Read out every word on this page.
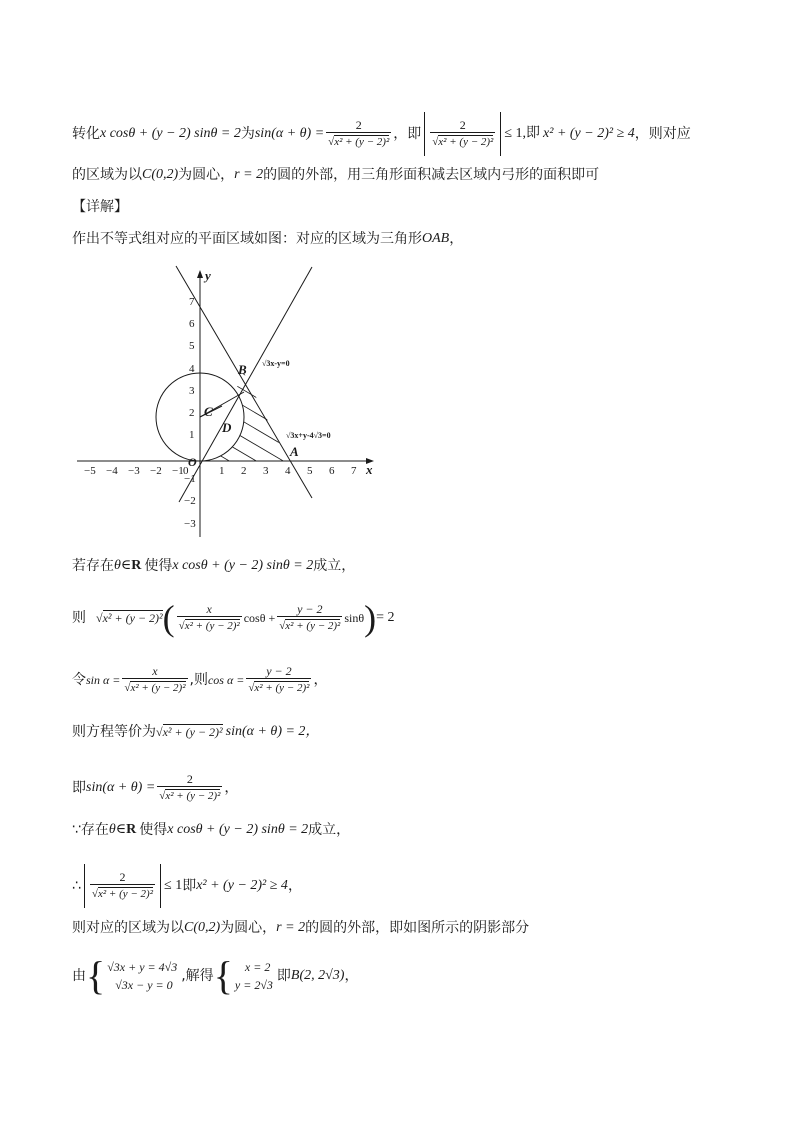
转化 x cosθ + (y − 2) sinθ = 2 为 $\sin(\alpha + \theta) = \frac{2}{\text{√x² + (y − 2)²}}$ ，即 $\frac{2}{\text{√x² + (y − 2)²}} \le 1$,即 x² + (y − 2)² ≥ 4 ，则对应
的区域为以 C(0,2) 为圆心， r = 2 的圆的外部，用三角形面积减去区域内弓形的面积即可
【详解】
作出不等式组对应的平面区域如图：对应的区域为三角形 OAB ，
−5 −4 −3 −2 −1 0	1 2 3 4 5 6 7
7
6
5
4
3
2
1
−1
−2
−3
x
y
O
A
B
C
D
√3x-y=0
√3x+y-4√3=0
若存在 θ∈ R 使得 x cosθ + (y − 2) sinθ = 2 成立，
则 √x² + (y − 2)² ( $\frac{x}{\text{√x² + (y − 2)²}}$ $\cos\theta + \frac{y - 2}{\text{√x² + (y − 2)²}}$ sinθ ) = 2
令 $\sin \alpha = \frac{x}{\text{√x² + (y − 2)²}}$ ,则 $\cos \alpha = \frac{y - 2}{\text{√x² + (y − 2)²}}$ ，
则方程等价为 √x² + (y − 2)² sin(α + θ) = 2，
即 $\sin(\alpha + \theta) = \frac{2}{\text{√x² + (y − 2)²}}$ ，
∵存在 θ∈ R 使得 x cosθ + (y − 2) sinθ = 2 成立，
∴ $\frac{2}{\text{√x² + (y − 2)²}} \le 1$ 即 x² + (y − 2)² ≥ 4 ，
则对应的区域为以 C(0,2) 为圆心， r = 2 的圆的外部，即如图所示的阴影部分
由 { √3x + y = 4√3
√3x − y = 0
,解得 {	x = 2
y = 2√3
即 B(2, 2√3) ，
